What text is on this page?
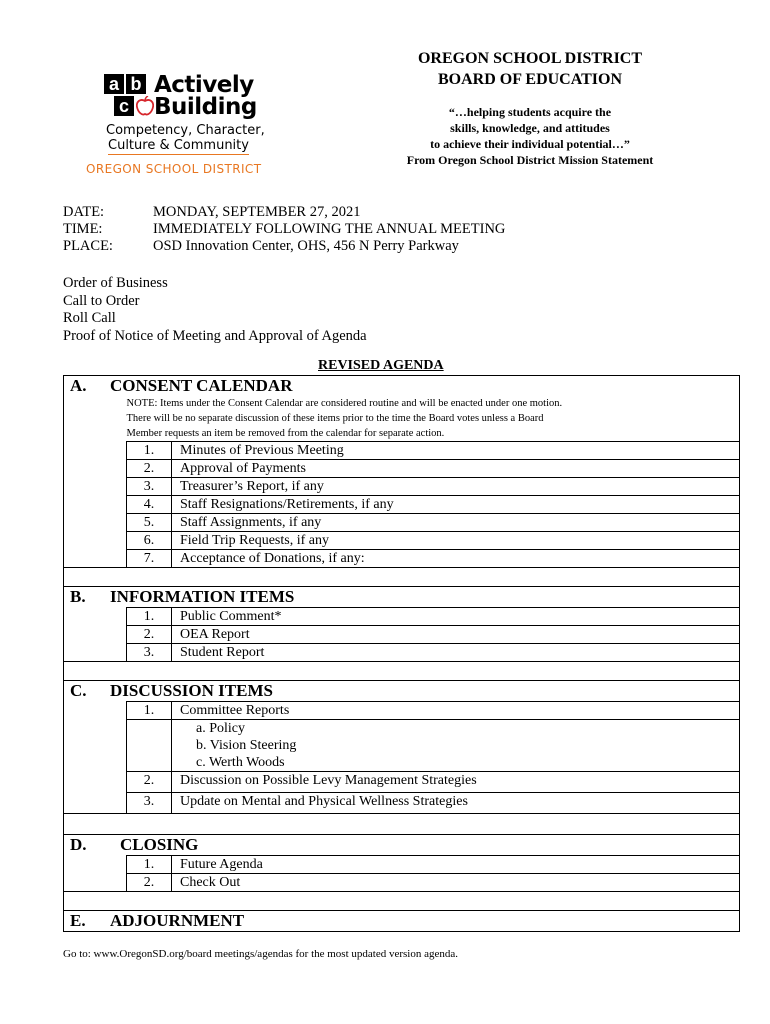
a b
c
Actively
Building
Competency, Character,
Culture & Community
OREGON SCHOOL DISTRICT
OREGON SCHOOL DISTRICT
BOARD OF EDUCATION
“…helping students acquire the
skills, knowledge, and attitudes
to achieve their individual potential…”
From Oregon School District Mission Statement
DATE:	MONDAY, SEPTEMBER 27, 2021
TIME:	IMMEDIATELY FOLLOWING THE ANNUAL MEETING
PLACE:	OSD Innovation Center, OHS, 456 N Perry Parkway
Order of Business
Call to Order
Roll Call
Proof of Notice of Meeting and Approval of Agenda
REVISED AGENDA
A. CONSENT CALENDAR		

	NOTE: Items under the Consent Calendar are considered routine and will be enacted under one motion.
There will be no separate discussion of these items prior to the time the Board votes unless a Board
Member requests an item be removed from the calendar for separate action.	

	1.	Minutes of Previous Meeting
	2.	Approval of Payments
	3.	Treasurer’s Report, if any
	4.	Staff Resignations/Retirements, if any
	5.	Staff Assignments, if any
	6.	Field Trip Requests, if any
	7.	Acceptance of Donations, if any:

B. INFORMATION ITEMS		
	1.	Public Comment*
	2.	OEA Report
	3.	Student Report

C. DISCUSSION ITEMS		
	1.	Committee Reports

		a. Policy
b. Vision Steering
c. Werth Woods

	2.	Discussion on Possible Levy Management Strategies
	3.	Update on Mental and Physical Wellness Strategies

D. CLOSING		
	1.	Future Agenda
	2.	Check Out

E. ADJOURNMENT		
Go to: www.OregonSD.org/board meetings/agendas for the most updated version agenda.
